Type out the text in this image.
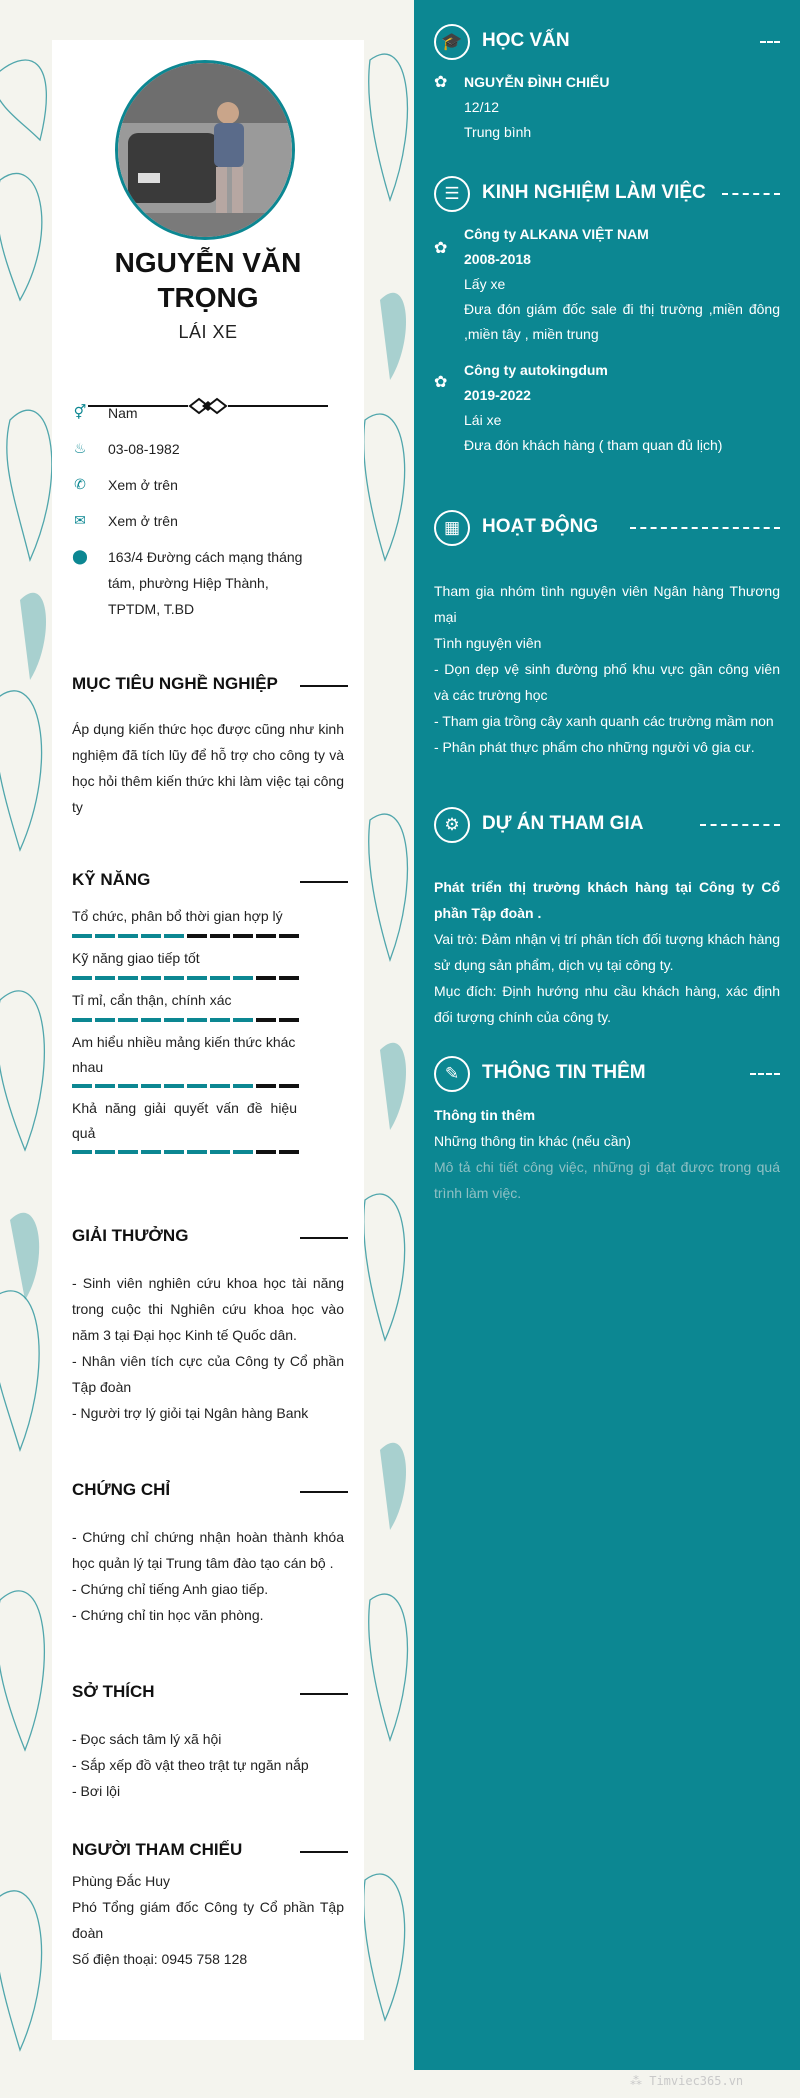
NGUYỄN VĂN
TRỌNG
LÁI XE
⚥	Nam
♨	03-08-1982
✆	Xem ở trên
✉	Xem ở trên
⬤	163/4 Đường cách mạng tháng tám, phường Hiệp Thành, TPTDM, T.BD
MỤC TIÊU NGHỀ NGHIỆP
Áp dụng kiến thức học được cũng như kinh nghiệm đã tích lũy để hỗ trợ cho công ty và học hỏi thêm kiến thức khi làm việc tại công ty
KỸ NĂNG
Tổ chức, phân bổ thời gian hợp lý
Kỹ năng giao tiếp tốt
Tỉ mỉ, cẩn thận, chính xác
Am hiểu nhiều mảng kiến thức khác nhau
Khả năng giải quyết vấn đề hiệu quả
GIẢI THƯỞNG
- Sinh viên nghiên cứu khoa học tài năng trong cuộc thi Nghiên cứu khoa học vào năm 3 tại Đại học Kinh tế Quốc dân.
- Nhân viên tích cực của Công ty Cổ phần Tập đoàn
- Người trợ lý giỏi tại Ngân hàng Bank
CHỨNG CHỈ
- Chứng chỉ chứng nhận hoàn thành khóa học quản lý tại Trung tâm đào tạo cán bộ .
- Chứng chỉ tiếng Anh giao tiếp.
- Chứng chỉ tin học văn phòng.
SỞ THÍCH
- Đọc sách tâm lý xã hội
- Sắp xếp đồ vật theo trật tự ngăn nắp
- Bơi lội
NGƯỜI THAM CHIẾU
Phùng Đắc Huy
Phó Tổng giám đốc Công ty Cổ phần Tập đoàn
Số điện thoại: 0945 758 128
🎓	HỌC VẤN
✿ NGUYỄN ĐÌNH CHIỂU
12/12
Trung bình
☰	KINH NGHIỆM LÀM VIỆC
✿
Công ty ALKANA VIỆT NAM
2008-2018
Lấy xe
Đưa đón giám đốc sale đi thị trường ,miền đông ,miền tây , miền trung
✿
Công ty autokingdum
2019-2022
Lái xe
Đưa đón khách hàng ( tham quan đủ lịch)
▦	HOẠT ĐỘNG
Tham gia nhóm tình nguyện viên Ngân hàng Thương mại
Tình nguyện viên
- Dọn dẹp vệ sinh đường phố khu vực gần công viên và các trường học
- Tham gia trồng cây xanh quanh các trường mầm non
- Phân phát thực phẩm cho những người vô gia cư.
⚙	DỰ ÁN THAM GIA
Phát triển thị trường khách hàng tại Công ty Cổ phần Tập đoàn .
Vai trò: Đảm nhận vị trí phân tích đối tượng khách hàng sử dụng sản phẩm, dịch vụ tại công ty.
Mục đích: Định hướng nhu cầu khách hàng, xác định đối tượng chính của công ty.
✎	THÔNG TIN THÊM
Thông tin thêm
Những thông tin khác (nếu cần)
Mô tả chi tiết công việc, những gì đạt được trong quá trình làm việc.
⁂ Timviec365.vn
